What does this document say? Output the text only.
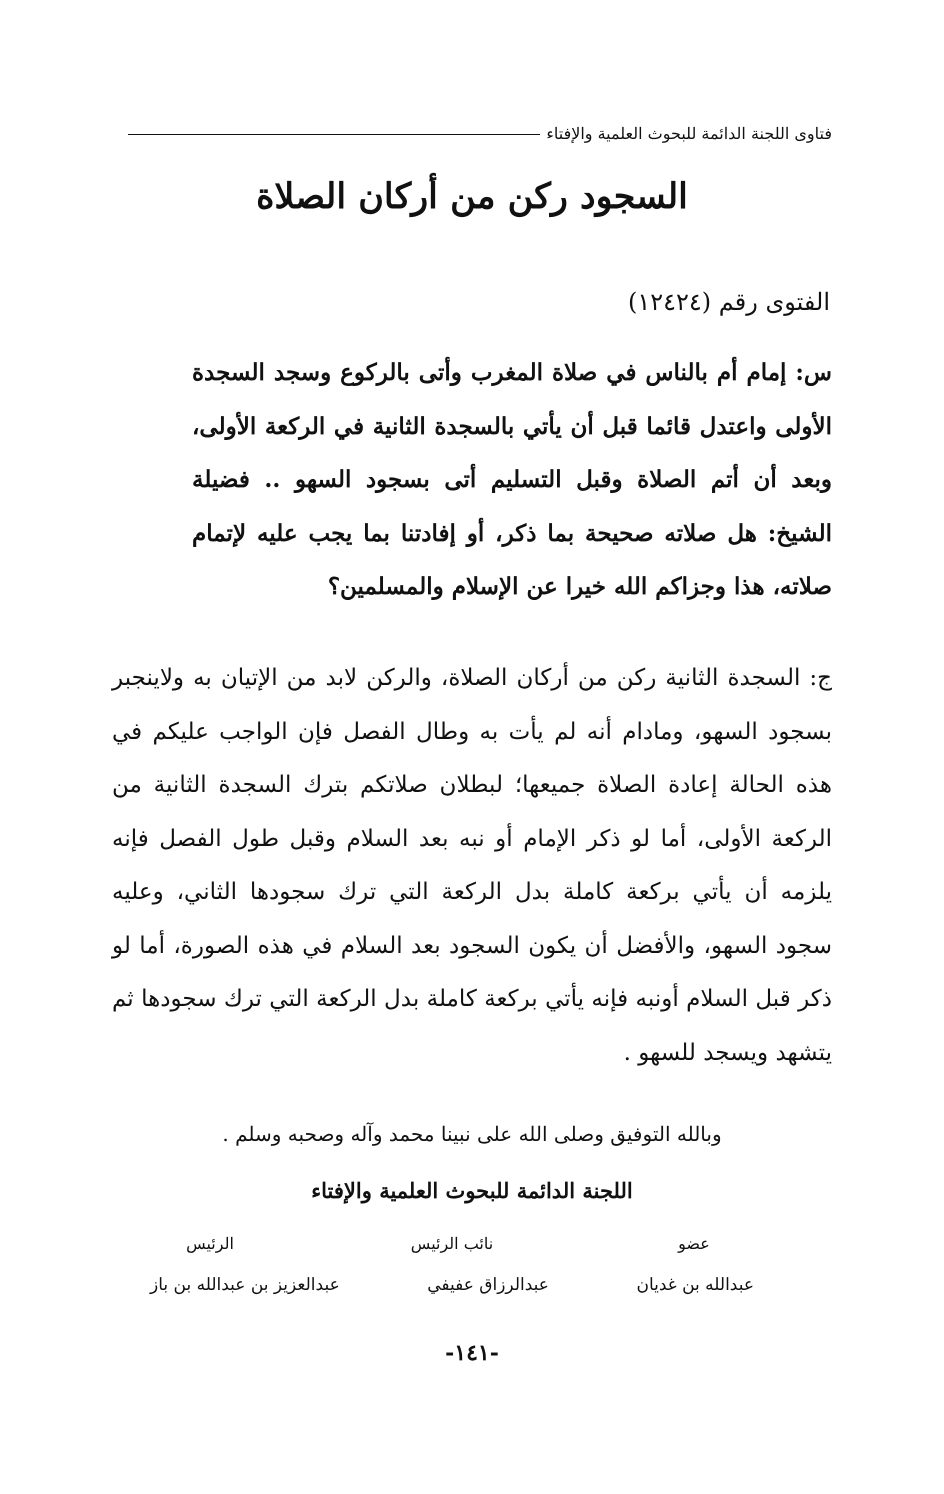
فتاوى اللجنة الدائمة للبحوث العلمية والإفتاء
السجود ركن من أركان الصلاة
الفتوى رقم (١٢٤٢٤)

س: إمام أم بالناس في صلاة المغرب وأتى بالركوع وسجد السجدة الأولى واعتدل قائما قبل أن يأتي بالسجدة الثانية في الركعة الأولى، وبعد أن أتم الصلاة وقبل التسليم أتى بسجود السهو .. فضيلة الشيخ: هل صلاته صحيحة بما ذكر، أو إفادتنا بما يجب عليه لإتمام صلاته، هذا وجزاكم الله خيرا عن الإسلام والمسلمين؟

ج: السجدة الثانية ركن من أركان الصلاة، والركن لابد من الإتيان به ولاينجبر بسجود السهو، ومادام أنه لم يأت به وطال الفصل فإن الواجب عليكم في هذه الحالة إعادة الصلاة جميعها؛ لبطلان صلاتكم بترك السجدة الثانية من الركعة الأولى، أما لو ذكر الإمام أو نبه بعد السلام وقبل طول الفصل فإنه يلزمه أن يأتي بركعة كاملة بدل الركعة التي ترك سجودها الثاني، وعليه سجود السهو، والأفضل أن يكون السجود بعد السلام في هذه الصورة، أما لو ذكر قبل السلام أونبه فإنه يأتي بركعة كاملة بدل الركعة التي ترك سجودها ثم يتشهد ويسجد للسهو .

وبالله التوفيق وصلى الله على نبينا محمد وآله وصحبه وسلم .
اللجنة الدائمة للبحوث العلمية والإفتاء
عضو
نائب الرئيس
الرئيس
عبدالله بن غديان
عبدالرزاق عفيفي
عبدالعزيز بن عبدالله بن باز
-١٤١-
